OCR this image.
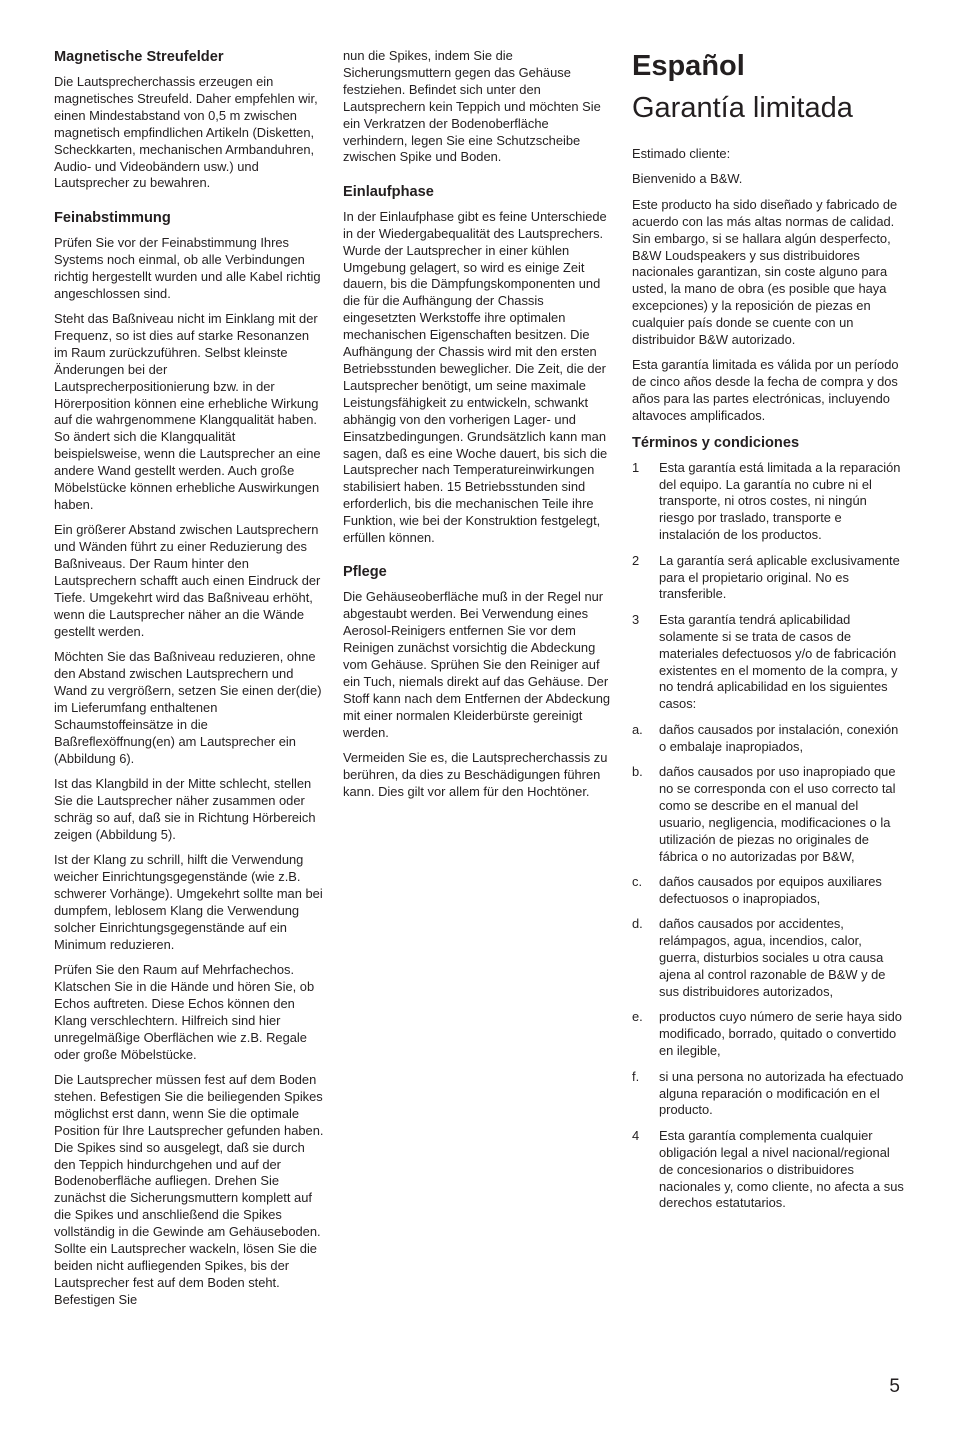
Magnetische Streufelder

Die Lautsprecherchassis erzeugen ein magnetisches Streufeld. Daher empfehlen wir, einen Mindestabstand von 0,5 m zwischen magnetisch empfindlichen Artikeln (Disketten, Scheckkarten, mechanischen Armbanduhren, Audio- und Videobändern usw.) und Lautsprecher zu bewahren.

Feinabstimmung

Prüfen Sie vor der Feinabstimmung Ihres Systems noch einmal, ob alle Verbindungen richtig hergestellt wurden und alle Kabel richtig angeschlossen sind.

Steht das Baßniveau nicht im Einklang mit der Frequenz, so ist dies auf starke Resonanzen im Raum zurückzuführen. Selbst kleinste Änderungen bei der Lautsprecherpositionierung bzw. in der Hörerposition können eine erhebliche Wirkung auf die wahrgenommene Klangqualität haben. So ändert sich die Klangqualität beispielsweise, wenn die Lautsprecher an eine andere Wand gestellt werden. Auch große Möbelstücke können erhebliche Auswirkungen haben.

Ein größerer Abstand zwischen Lautsprechern und Wänden führt zu einer Reduzierung des Baßniveaus. Der Raum hinter den Lautsprechern schafft auch einen Eindruck der Tiefe. Umgekehrt wird das Baßniveau erhöht, wenn die Lautsprecher näher an die Wände gestellt werden.

Möchten Sie das Baßniveau reduzieren, ohne den Abstand zwischen Lautsprechern und Wand zu vergrößern, setzen Sie einen der(die) im Lieferumfang enthaltenen Schaumstoffeinsätze in die Baßreflexöffnung(en) am Lautsprecher ein (Abbildung 6).

Ist das Klangbild in der Mitte schlecht, stellen Sie die Lautsprecher näher zusammen oder schräg so auf, daß sie in Richtung Hörbereich zeigen (Abbildung 5).

Ist der Klang zu schrill, hilft die Verwendung weicher Einrichtungsgegenstände (wie z.B. schwerer Vorhänge). Umgekehrt sollte man bei dumpfem, leblosem Klang die Verwendung solcher Einrichtungsgegenstände auf ein Minimum reduzieren.

Prüfen Sie den Raum auf Mehrfachechos. Klatschen Sie in die Hände und hören Sie, ob Echos auftreten. Diese Echos können den Klang verschlechtern. Hilfreich sind hier unregelmäßige Oberflächen wie z.B. Regale oder große Möbelstücke.

Die Lautsprecher müssen fest auf dem Boden stehen. Befestigen Sie die beiliegenden Spikes möglichst erst dann, wenn Sie die optimale Position für Ihre Lautsprecher gefunden haben. Die Spikes sind so ausgelegt, daß sie durch den Teppich hindurchgehen und auf der Bodenoberfläche aufliegen. Drehen Sie zunächst die Sicherungsmuttern komplett auf die Spikes und anschließend die Spikes vollständig in die Gewinde am Gehäuseboden. Sollte ein Lautsprecher wackeln, lösen Sie die beiden nicht aufliegenden Spikes, bis der Lautsprecher fest auf dem Boden steht. Befestigen Sie

nun die Spikes, indem Sie die Sicherungsmuttern gegen das Gehäuse festziehen. Befindet sich unter den Lautsprechern kein Teppich und möchten Sie ein Verkratzen der Bodenoberfläche verhindern, legen Sie eine Schutzscheibe zwischen Spike und Boden.

Einlaufphase

In der Einlaufphase gibt es feine Unterschiede in der Wiedergabequalität des Lautsprechers. Wurde der Lautsprecher in einer kühlen Umgebung gelagert, so wird es einige Zeit dauern, bis die Dämpfungskomponenten und die für die Aufhängung der Chassis eingesetzten Werkstoffe ihre optimalen mechanischen Eigenschaften besitzen. Die Aufhängung der Chassis wird mit den ersten Betriebsstunden beweglicher. Die Zeit, die der Lautsprecher benötigt, um seine maximale Leistungsfähigkeit zu entwickeln, schwankt abhängig von den vorherigen Lager- und Einsatzbedingungen. Grundsätzlich kann man sagen, daß es eine Woche dauert, bis sich die Lautsprecher nach Temperatureinwirkungen stabilisiert haben. 15 Betriebsstunden sind erforderlich, bis die mechanischen Teile ihre Funktion, wie bei der Konstruktion festgelegt, erfüllen können.

Pflege

Die Gehäuseoberfläche muß in der Regel nur abgestaubt werden. Bei Verwendung eines Aerosol-Reinigers entfernen Sie vor dem Reinigen zunächst vorsichtig die Abdeckung vom Gehäuse. Sprühen Sie den Reiniger auf ein Tuch, niemals direkt auf das Gehäuse. Der Stoff kann nach dem Entfernen der Abdeckung mit einer normalen Kleiderbürste gereinigt werden.

Vermeiden Sie es, die Lautsprecherchassis zu berühren, da dies zu Beschädigungen führen kann. Dies gilt vor allem für den Hochtöner.

Español
Garantía limitada

Estimado cliente:

Bienvenido a B&W.

Este producto ha sido diseñado y fabricado de acuerdo con las más altas normas de calidad. Sin embargo, si se hallara algún desperfecto, B&W Loudspeakers y sus distribuidores nacionales garantizan, sin coste alguno para usted, la mano de obra (es posible que haya excepciones) y la reposición de piezas en cualquier país donde se cuente con un distribuidor B&W autorizado.

Esta garantía limitada es válida por un período de cinco años desde la fecha de compra y dos años para las partes electrónicas, incluyendo altavoces amplificados.

Términos y condiciones
1	Esta garantía está limitada a la reparación del equipo. La garantía no cubre ni el transporte, ni otros costes, ni ningún riesgo por traslado, transporte e instalación de los productos.
2	La garantía será aplicable exclusivamente para el propietario original. No es transferible.
3	Esta garantía tendrá aplicabilidad solamente si se trata de casos de materiales defectuosos y/o de fabricación existentes en el momento de la compra, y no tendrá aplicabilidad en los siguientes casos:
a.	daños causados por instalación, conexión o embalaje inapropiados,
b.	daños causados por uso inapropiado que no se corresponda con el uso correcto tal como se describe en el manual del usuario, negligencia, modificaciones o la utilización de piezas no originales de fábrica o no autorizadas por B&W,
c.	daños causados por equipos auxiliares defectuosos o inapropiados,
d.	daños causados por accidentes, relámpagos, agua, incendios, calor, guerra, disturbios sociales u otra causa ajena al control razonable de B&W y de sus distribuidores autorizados,
e.	productos cuyo número de serie haya sido modificado, borrado, quitado o convertido en ilegible,
f.	si una persona no autorizada ha efectuado alguna reparación o modificación en el producto.
4	Esta garantía complementa cualquier obligación legal a nivel nacional/regional de concesionarios o distribuidores nacionales y, como cliente, no afecta a sus derechos estatutarios.
5
